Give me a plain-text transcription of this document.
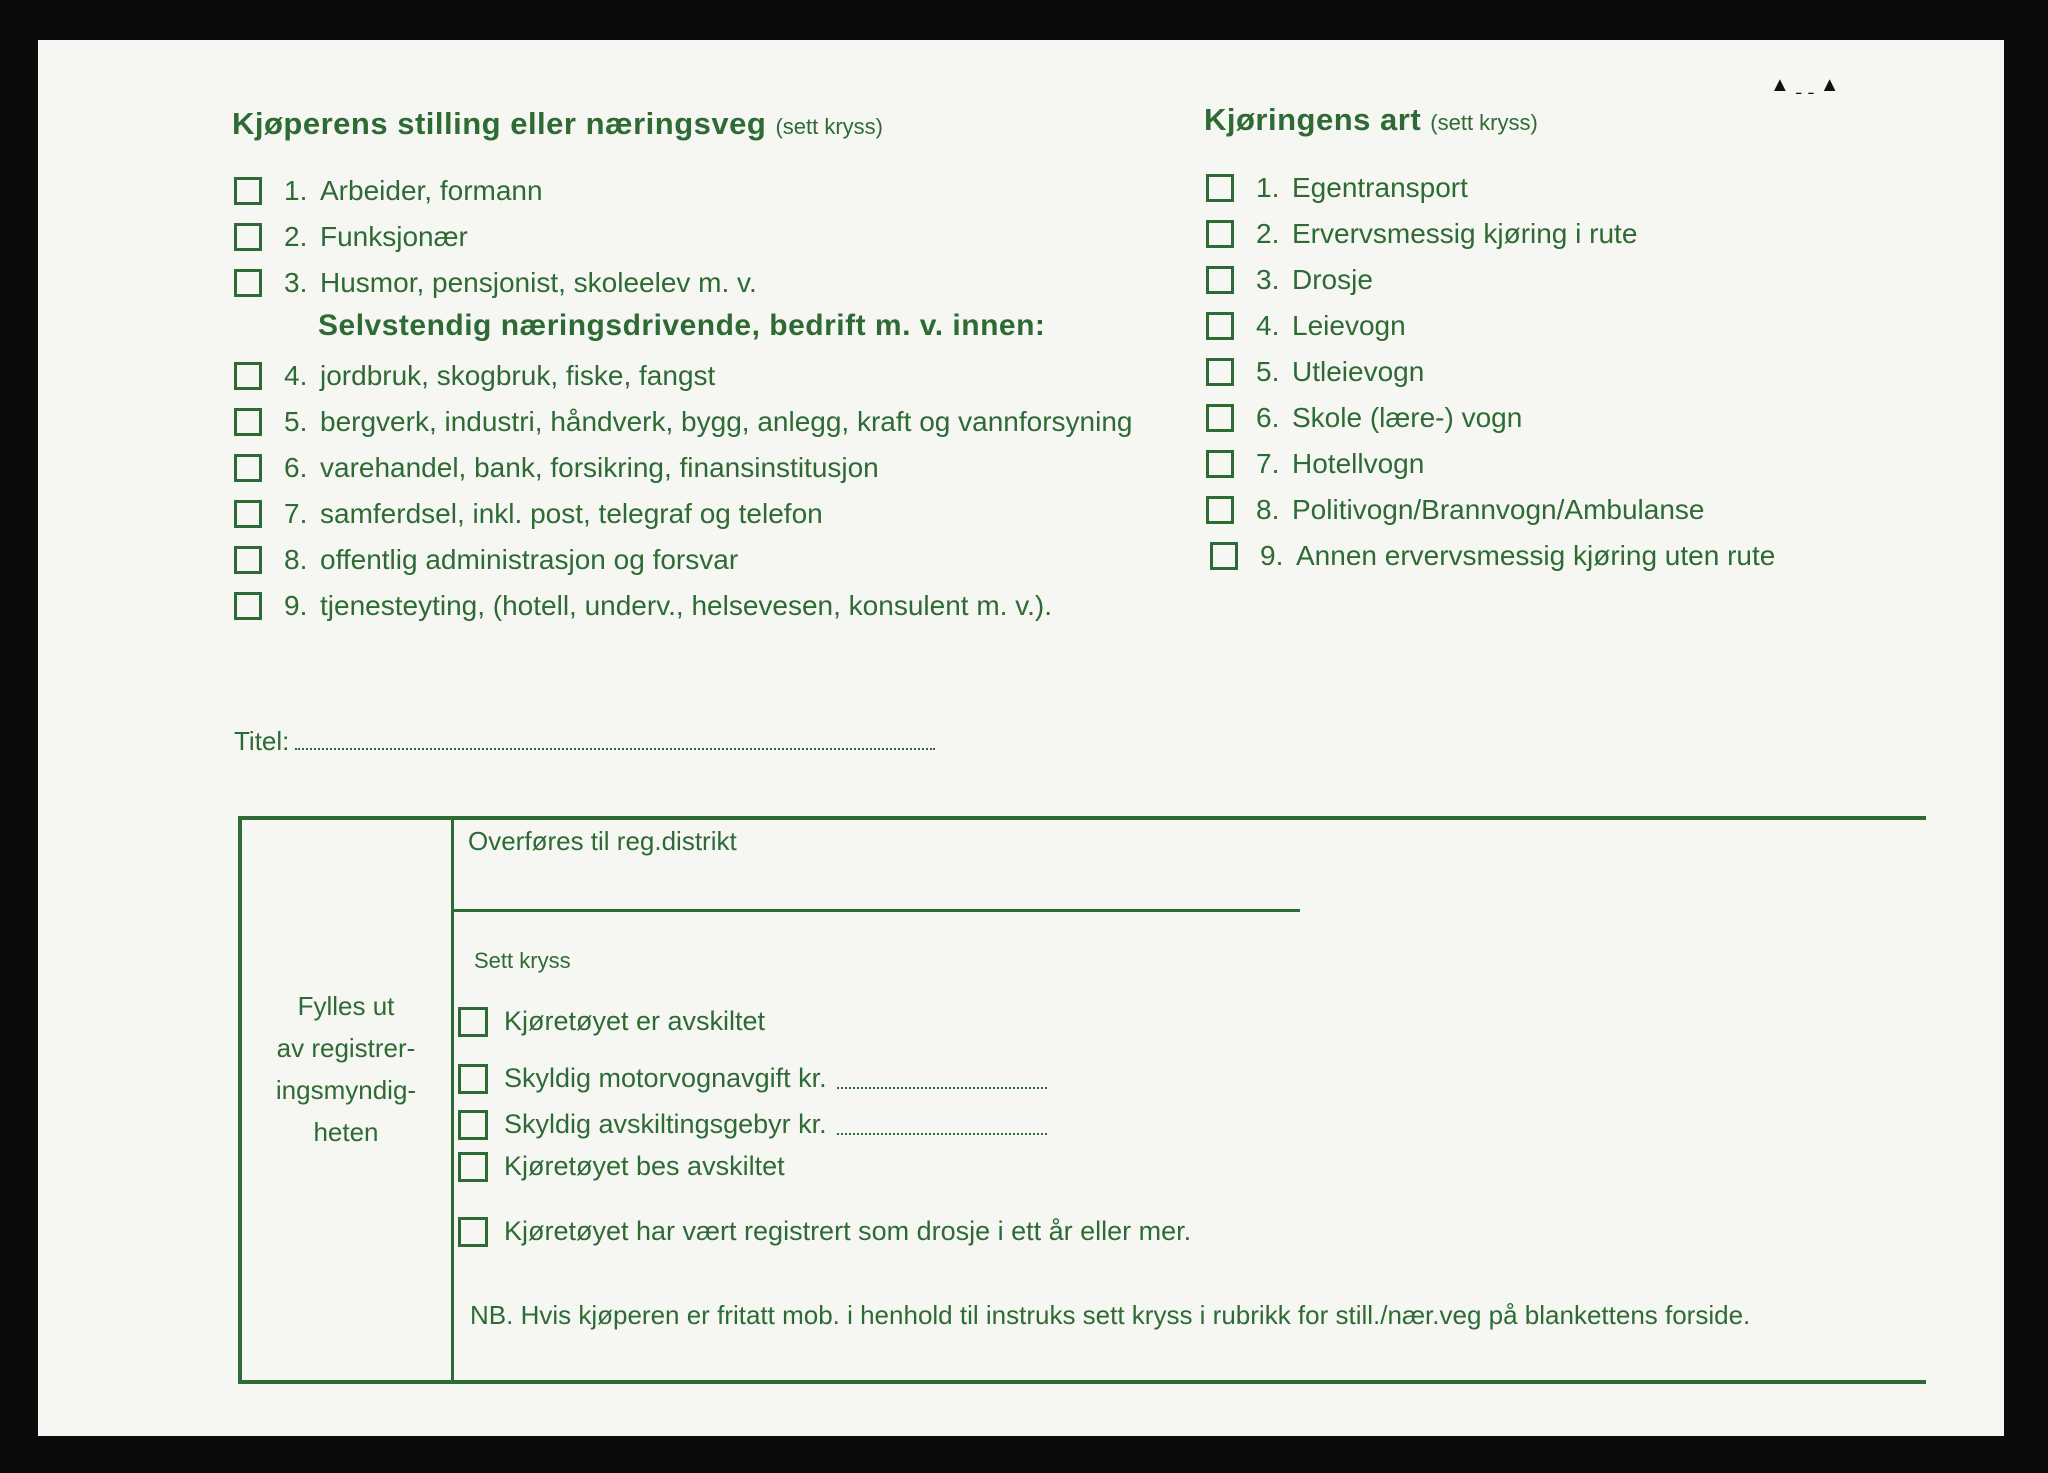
▲ ˍ ˍ ▲
Kjøperens stilling eller næringsveg (sett kryss)
1. Arbeider, formann
2. Funksjonær
3. Husmor, pensjonist, skoleelev m. v.
Selvstendig næringsdrivende, bedrift m. v. innen:
4. jordbruk, skogbruk, fiske, fangst
5. bergverk, industri, håndverk, bygg, anlegg, kraft og vannforsyning
6. varehandel, bank, forsikring, finansinstitusjon
7. samferdsel, inkl. post, telegraf og telefon
8. offentlig administrasjon og forsvar
9. tjenesteyting, (hotell, underv., helsevesen, konsulent m. v.).
Kjøringens art (sett kryss)
1. Egentransport
2. Ervervsmessig kjøring i rute
3. Drosje
4. Leievogn
5. Utleievogn
6. Skole (lære-) vogn
7. Hotellvogn
8. Politivogn/Brannvogn/Ambulanse
9. Annen ervervsmessig kjøring uten rute
Titel:
Fylles ut
av registrer-
ingsmyndig-
heten
Overføres til reg.distrikt
Sett kryss
Kjøretøyet er avskiltet
Skyldig motorvognavgift kr.
Skyldig avskiltingsgebyr kr.
Kjøretøyet bes avskiltet
Kjøretøyet har vært registrert som drosje i ett år eller mer.
NB. Hvis kjøperen er fritatt mob. i henhold til instruks sett kryss i rubrikk for still./nær.veg på blankettens forside.
